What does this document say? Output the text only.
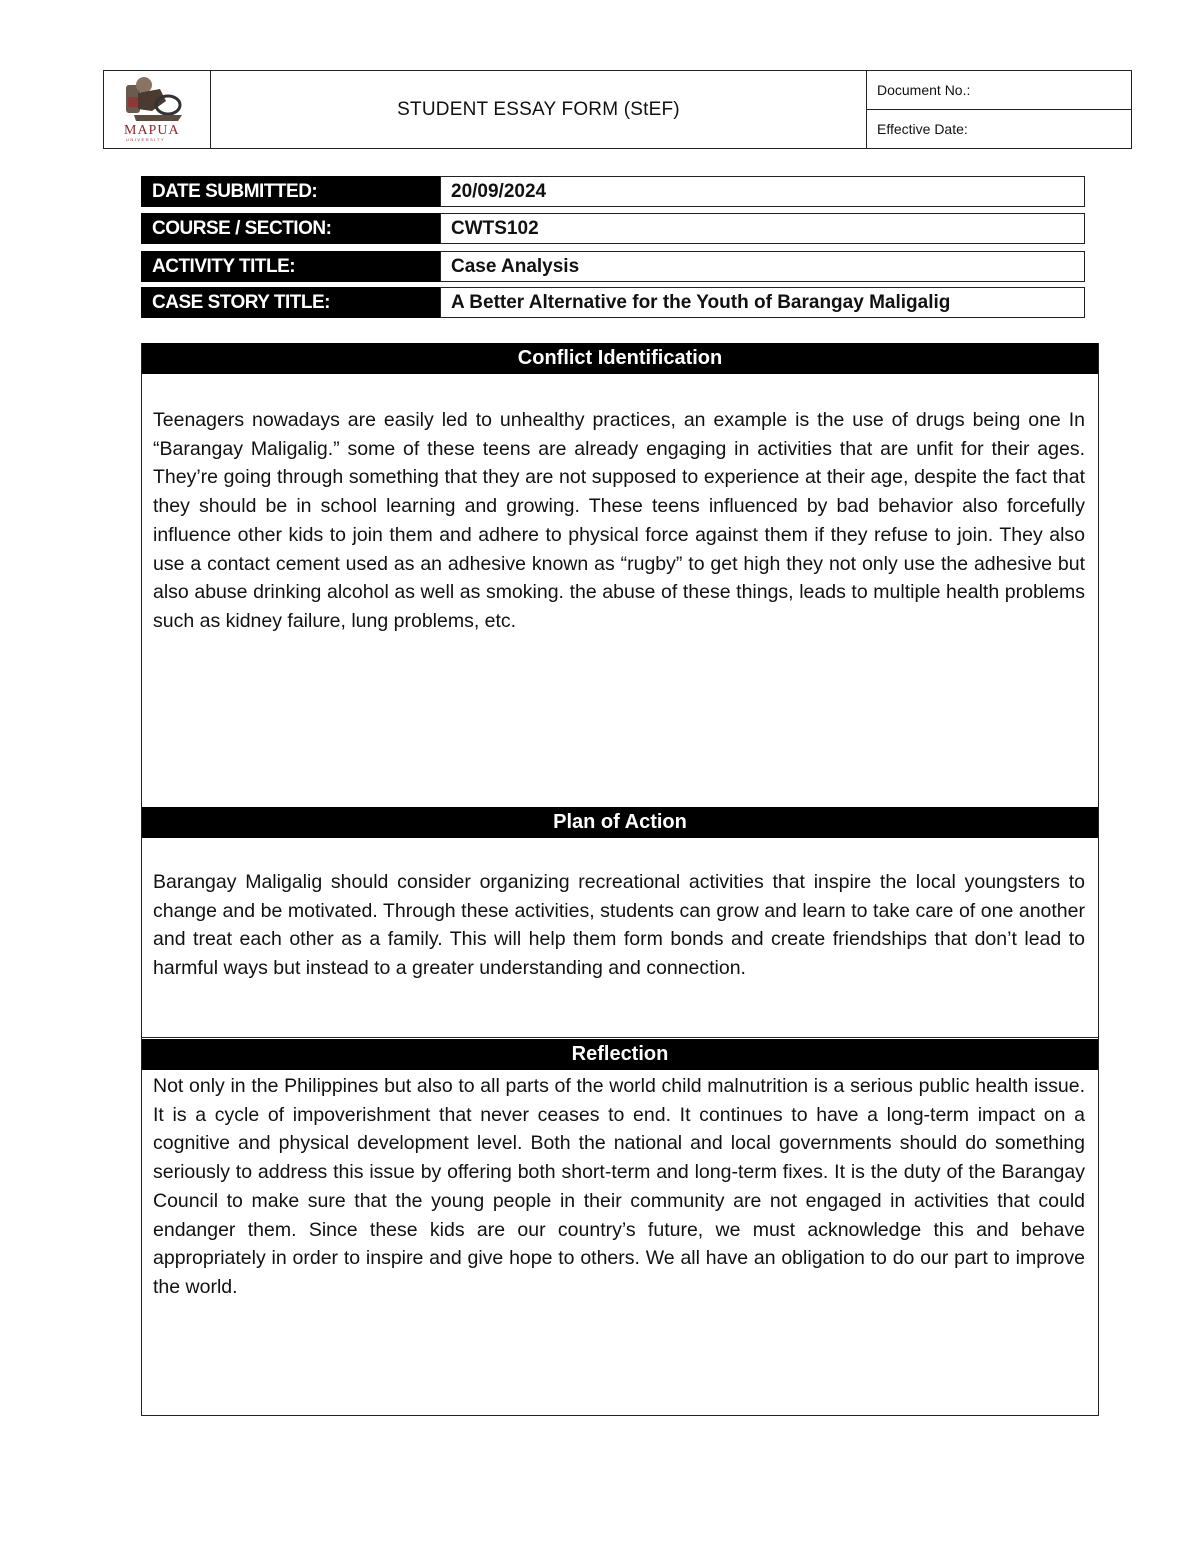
MAPUA
UNIVERSITY
STUDENT ESSAY FORM (StEF)
Document No.:
Effective Date:
DATE SUBMITTED:	20/09/2024
COURSE / SECTION:	CWTS102
ACTIVITY TITLE:	Case Analysis
CASE STORY TITLE:	A Better Alternative for the Youth of Barangay Maligalig
Conflict Identification
Teenagers nowadays are easily led to unhealthy practices, an example is the use of drugs being one In “Barangay Maligalig.” some of these teens are already engaging in activities that are unfit for their ages. They’re going through something that they are not supposed to experience at their age, despite the fact that they should be in school learning and growing. These teens influenced by bad behavior also forcefully influence other kids to join them and adhere to physical force against them if they refuse to join. They also use a contact cement used as an adhesive known as “rugby” to get high they not only use the adhesive but also abuse drinking alcohol as well as smoking. the abuse of these things, leads to multiple health problems such as kidney failure, lung problems, etc.
Plan of Action
Barangay Maligalig should consider organizing recreational activities that inspire the local youngsters to change and be motivated. Through these activities, students can grow and learn to take care of one another and treat each other as a family. This will help them form bonds and create friendships that don’t lead to harmful ways but instead to a greater understanding and connection.
Reflection
Not only in the Philippines but also to all parts of the world child malnutrition is a serious public health issue. It is a cycle of impoverishment that never ceases to end. It continues to have a long-term impact on a cognitive and physical development level. Both the national and local governments should do something seriously to address this issue by offering both short-term and long-term fixes. It is the duty of the Barangay Council to make sure that the young people in their community are not engaged in activities that could endanger them. Since these kids are our country’s future, we must acknowledge this and behave appropriately in order to inspire and give hope to others. We all have an obligation to do our part to improve the world.
